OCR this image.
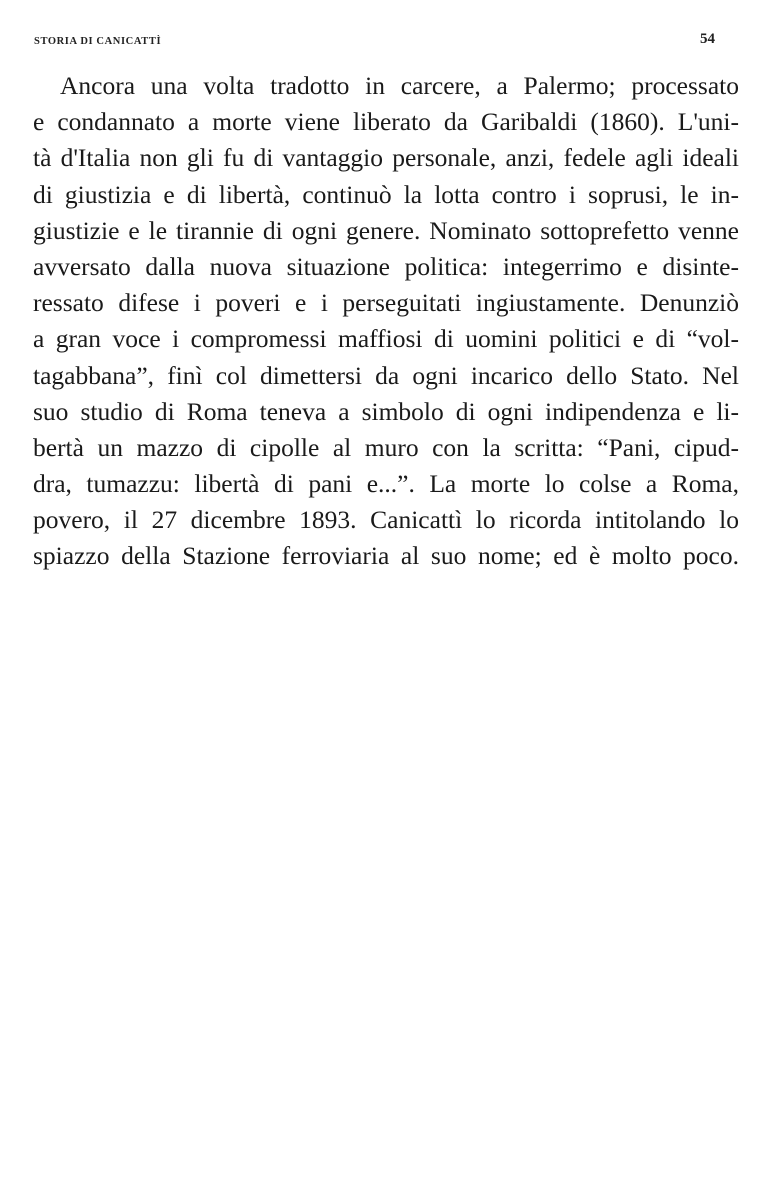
STORIA DI CANICATTÌ	54
Ancora una volta tradotto in carcere, a Palermo; processato
e condannato a morte viene liberato da Garibaldi (1860). L'uni-
tà d'Italia non gli fu di vantaggio personale, anzi, fedele agli ideali
di giustizia e di libertà, continuò la lotta contro i soprusi, le in-
giustizie e le tirannie di ogni genere. Nominato sottoprefetto venne
avversato dalla nuova situazione politica: integerrimo e disinte-
ressato difese i poveri e i perseguitati ingiustamente. Denunziò
a gran voce i compromessi maffiosi di uomini politici e di “vol-
tagabbana”, finì col dimettersi da ogni incarico dello Stato. Nel
suo studio di Roma teneva a simbolo di ogni indipendenza e li-
bertà un mazzo di cipolle al muro con la scritta: “Pani, cipud-
dra, tumazzu: libertà di pani e...”. La morte lo colse a Roma,
povero, il 27 dicembre 1893. Canicattì lo ricorda intitolando lo
spiazzo della Stazione ferroviaria al suo nome; ed è molto poco.
